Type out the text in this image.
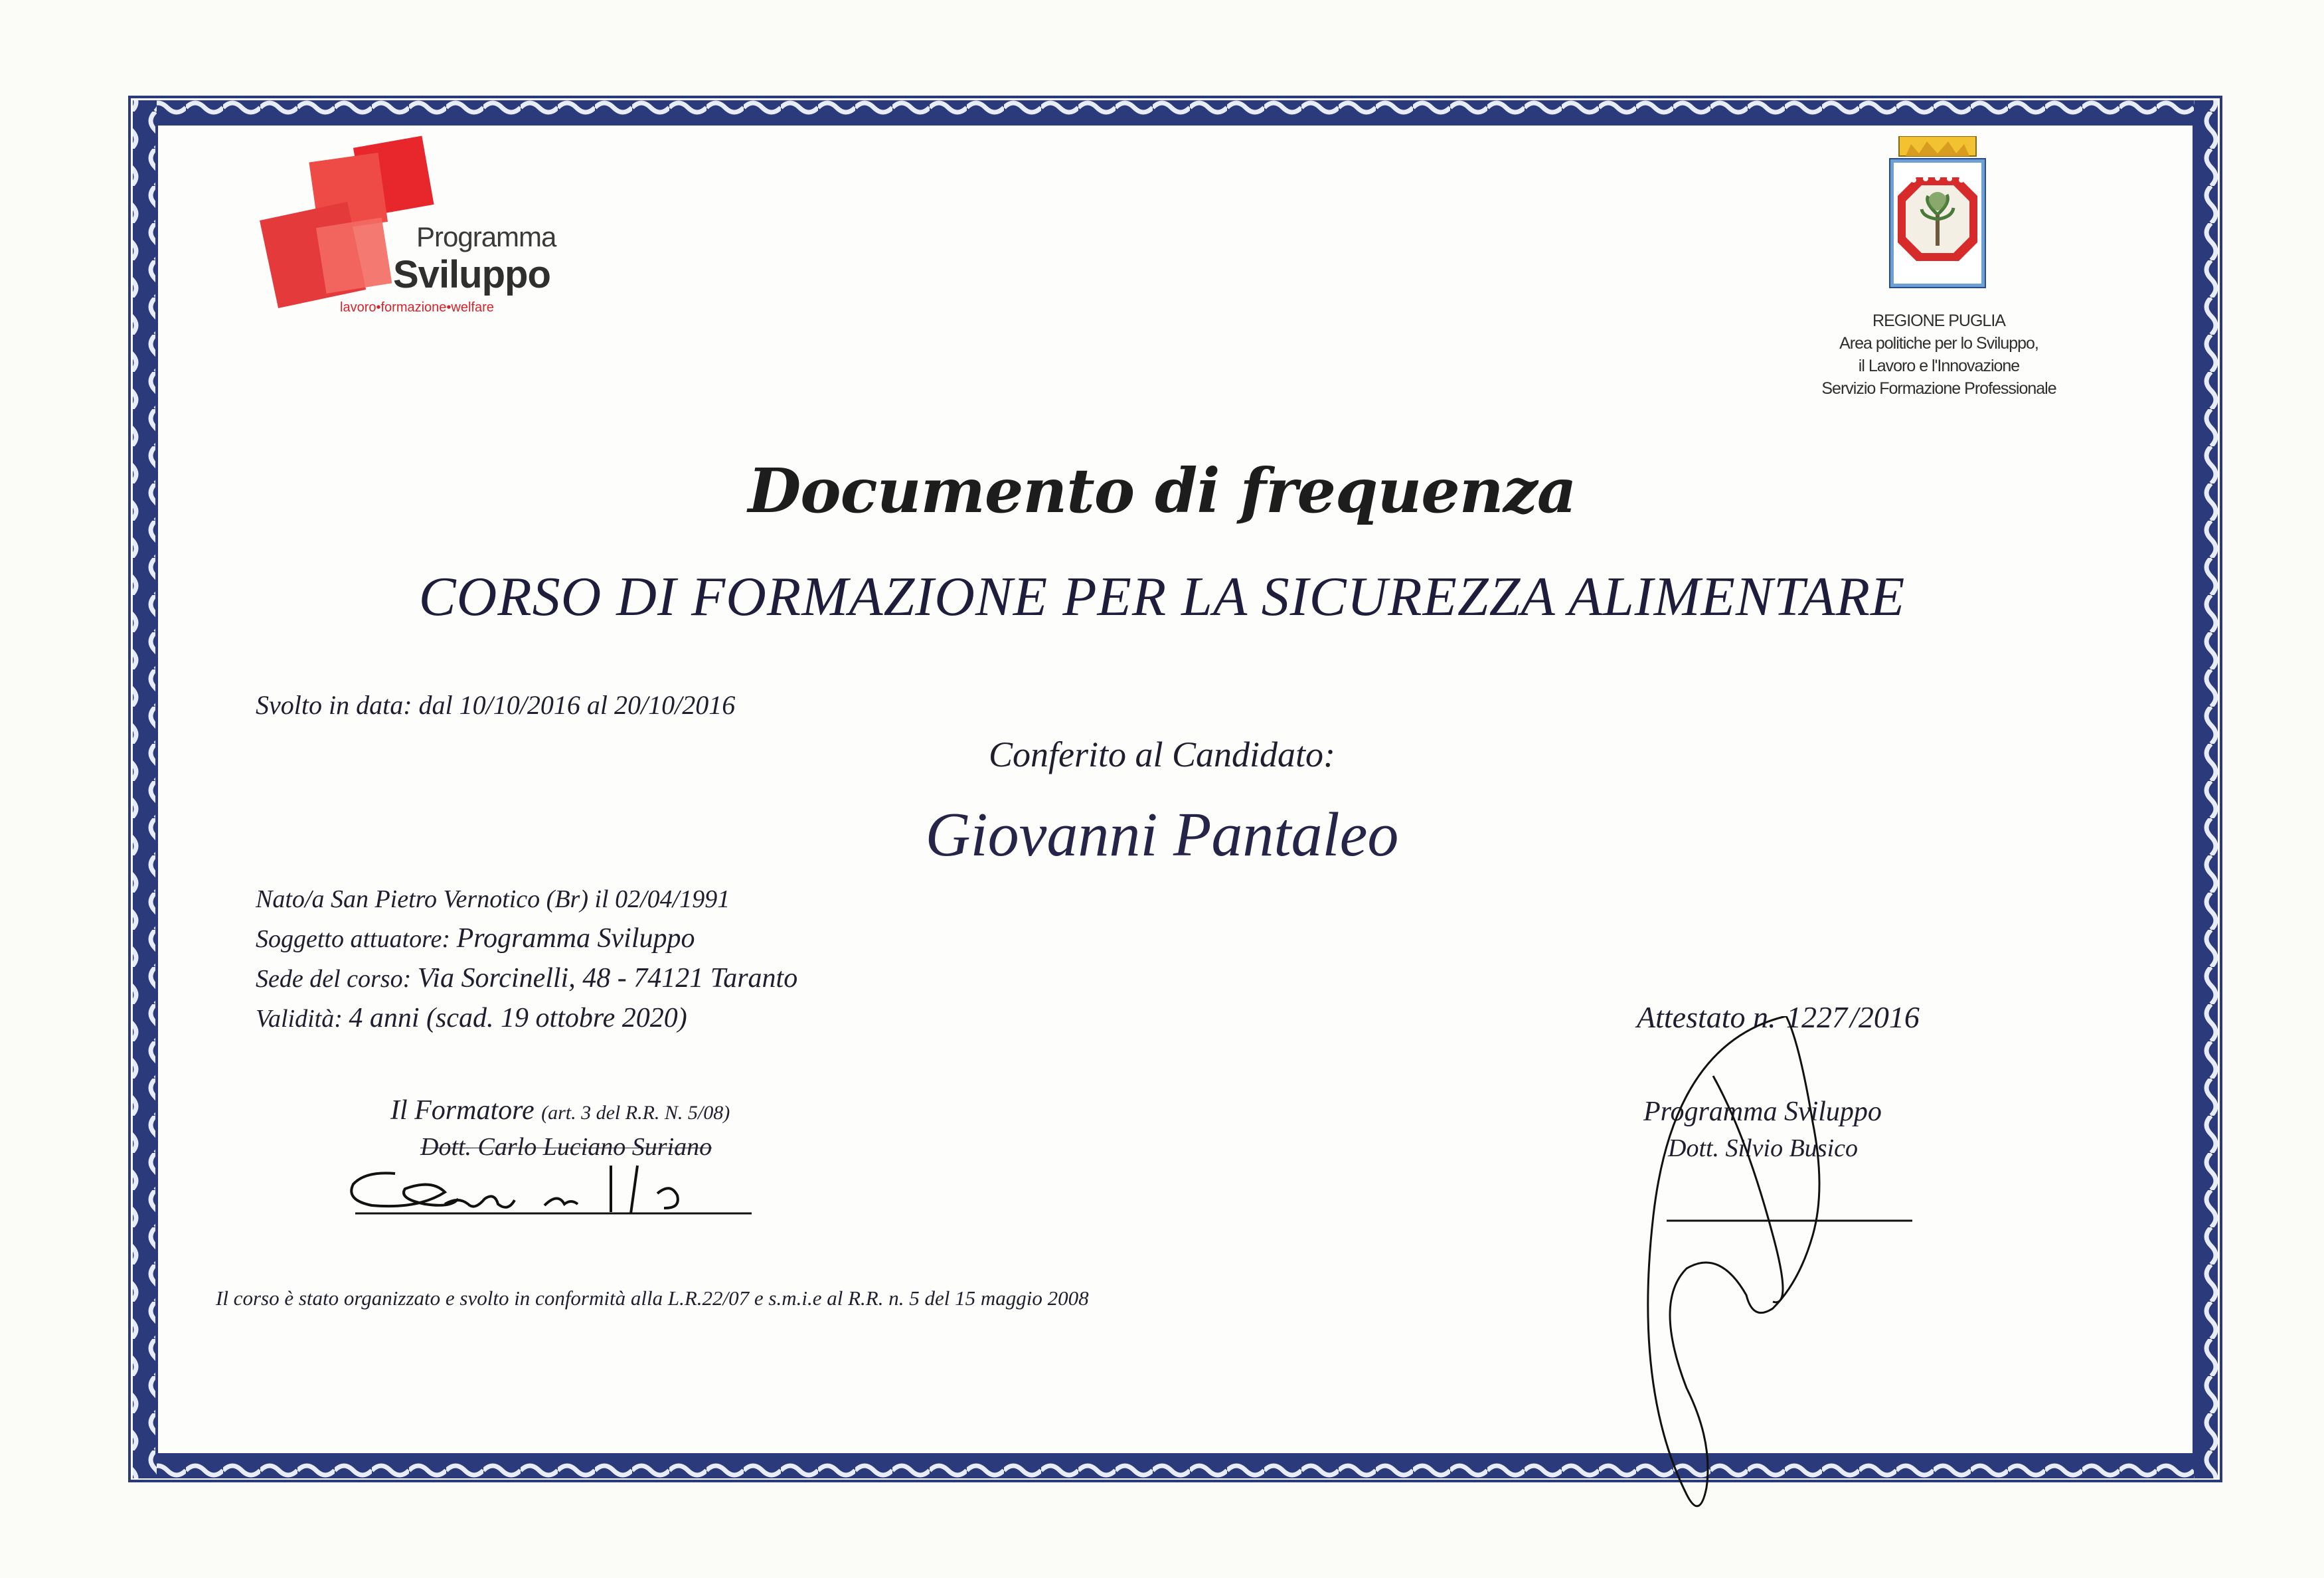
Programma
Sviluppo
lavoro•formazione•welfare
REGIONE PUGLIA
Area politiche per lo Sviluppo,
il Lavoro e l'Innovazione
Servizio Formazione Professionale
Documento di frequenza
CORSO DI FORMAZIONE PER LA SICUREZZA ALIMENTARE
Svolto in data: dal 10/10/2016 al 20/10/2016
Conferito al Candidato:
Giovanni Pantaleo
Nato/a San Pietro Vernotico (Br) il 02/04/1991
Soggetto attuatore: Programma Sviluppo
Sede del corso: Via Sorcinelli, 48 - 74121 Taranto
Validità: 4 anni (scad. 19 ottobre 2020)	Attestato n. 1227/2016
Il Formatore (art. 3 del R.R. N. 5/08)
Dott. Carlo Luciano Suriano
Programma Sviluppo
Dott. Silvio Busico
Il corso è stato organizzato e svolto in conformità alla L.R.22/07 e s.m.i.e al R.R. n. 5 del 15 maggio 2008
